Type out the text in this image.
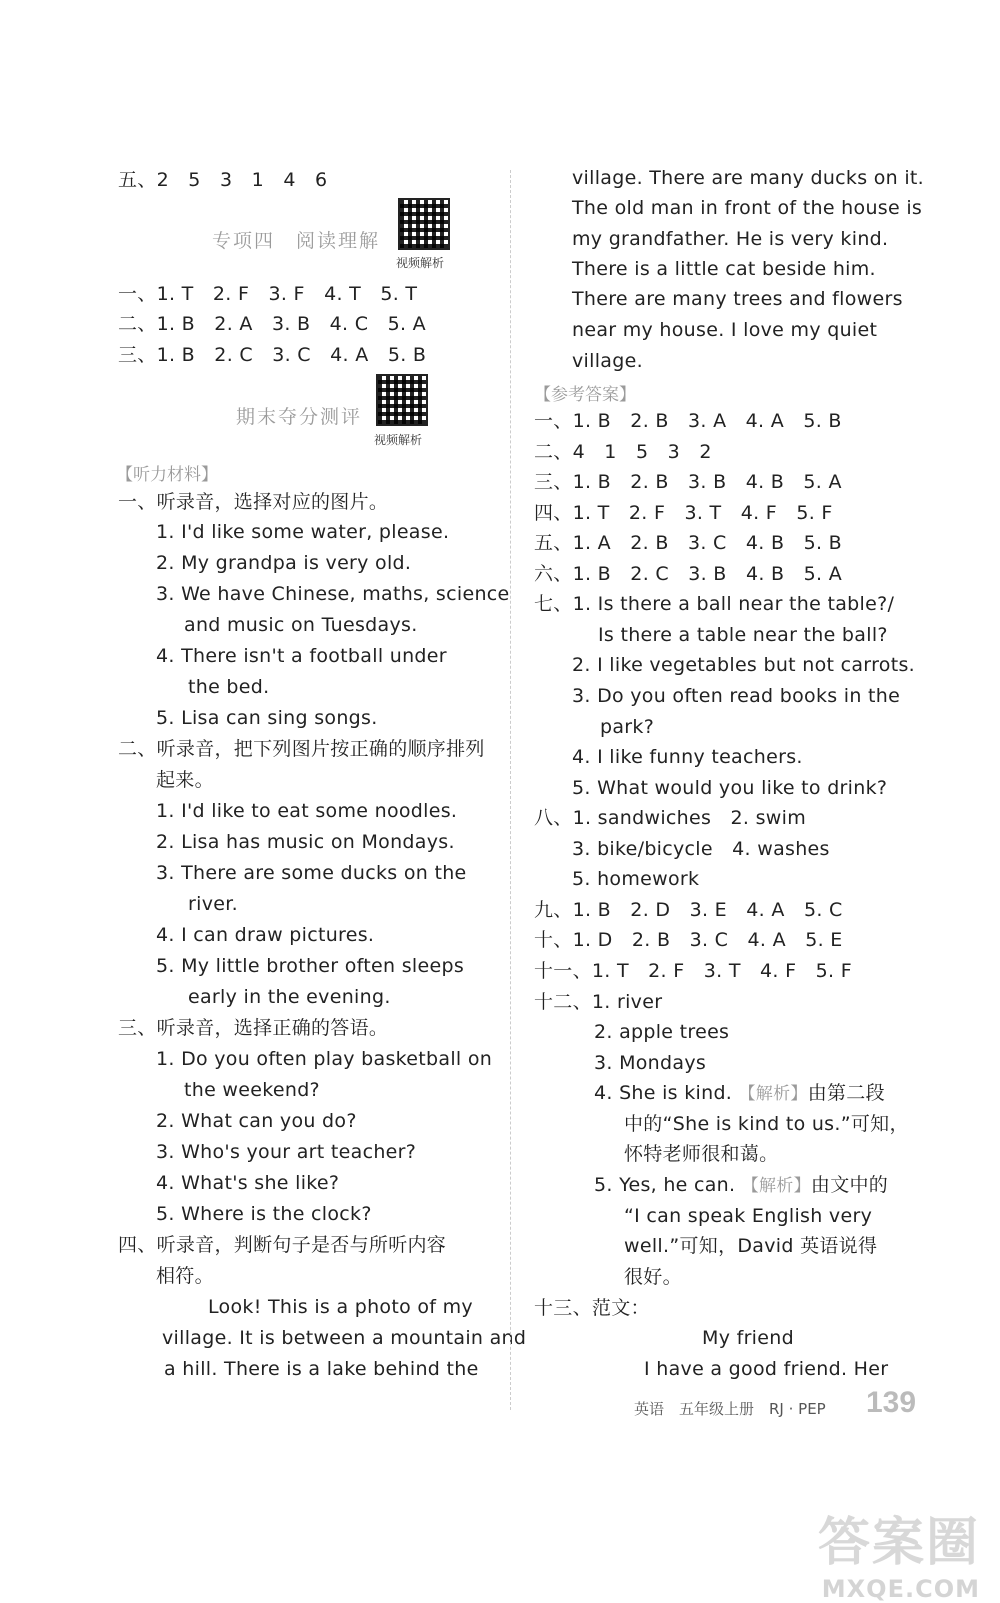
五、2　5　3　1　4　6
专项四　阅读理解
视频解析
一、1. T　2. F　3. F　4. T　5. T
二、1. B　2. A　3. B　4. C　5. A
三、1. B　2. C　3. C　4. A　5. B
期末夺分测评
视频解析
【听力材料】
一、听录音，选择对应的图片。
1. I'd like some water, please.
2. My grandpa is very old.
3. We have Chinese, maths, science
and music on Tuesdays.
4. There isn't a football under
the bed.
5. Lisa can sing songs.
二、听录音，把下列图片按正确的顺序排列
起来。
1. I'd like to eat some noodles.
2. Lisa has music on Mondays.
3. There are some ducks on the
river.
4. I can draw pictures.
5. My little brother often sleeps
early in the evening.
三、听录音，选择正确的答语。
1. Do you often play basketball on
the weekend?
2. What can you do?
3. Who's your art teacher?
4. What's she like?
5. Where is the clock?
四、听录音，判断句子是否与所听内容
相符。
Look! This is a photo of my
village. It is between a mountain and
a hill. There is a lake behind the
village. There are many ducks on it.
The old man in front of the house is
my grandfather. He is very kind.
There is a little cat beside him.
There are many trees and flowers
near my house. I love my quiet
village.
【参考答案】
一、1. B　2. B　3. A　4. A　5. B
二、4　1　5　3　2
三、1. B　2. B　3. B　4. B　5. A
四、1. T　2. F　3. T　4. F　5. F
五、1. A　2. B　3. C　4. B　5. B
六、1. B　2. C　3. B　4. B　5. A
七、1. Is there a ball near the table?/
Is there a table near the ball?
2. I like vegetables but not carrots.
3. Do you often read books in the
park?
4. I like funny teachers.
5. What would you like to drink?
八、1. sandwiches　2. swim
3. bike/bicycle　4. washes
5. homework
九、1. B　2. D　3. E　4. A　5. C
十、1. D　2. B　3. C　4. A　5. E
十一、1. T　2. F　3. T　4. F　5. F
十二、1. river
2. apple trees
3. Mondays
4. She is kind. 【解析】由第二段
中的“She is kind to us.”可知，
怀特老师很和蔼。
5. Yes, he can. 【解析】由文中的
“I can speak English very
well.”可知，David 英语说得
很好。
十三、范文：
My friend
I have a good friend. Her
英语　五年级上册　RJ · PEP 139
答案圈
MXQE.COM
